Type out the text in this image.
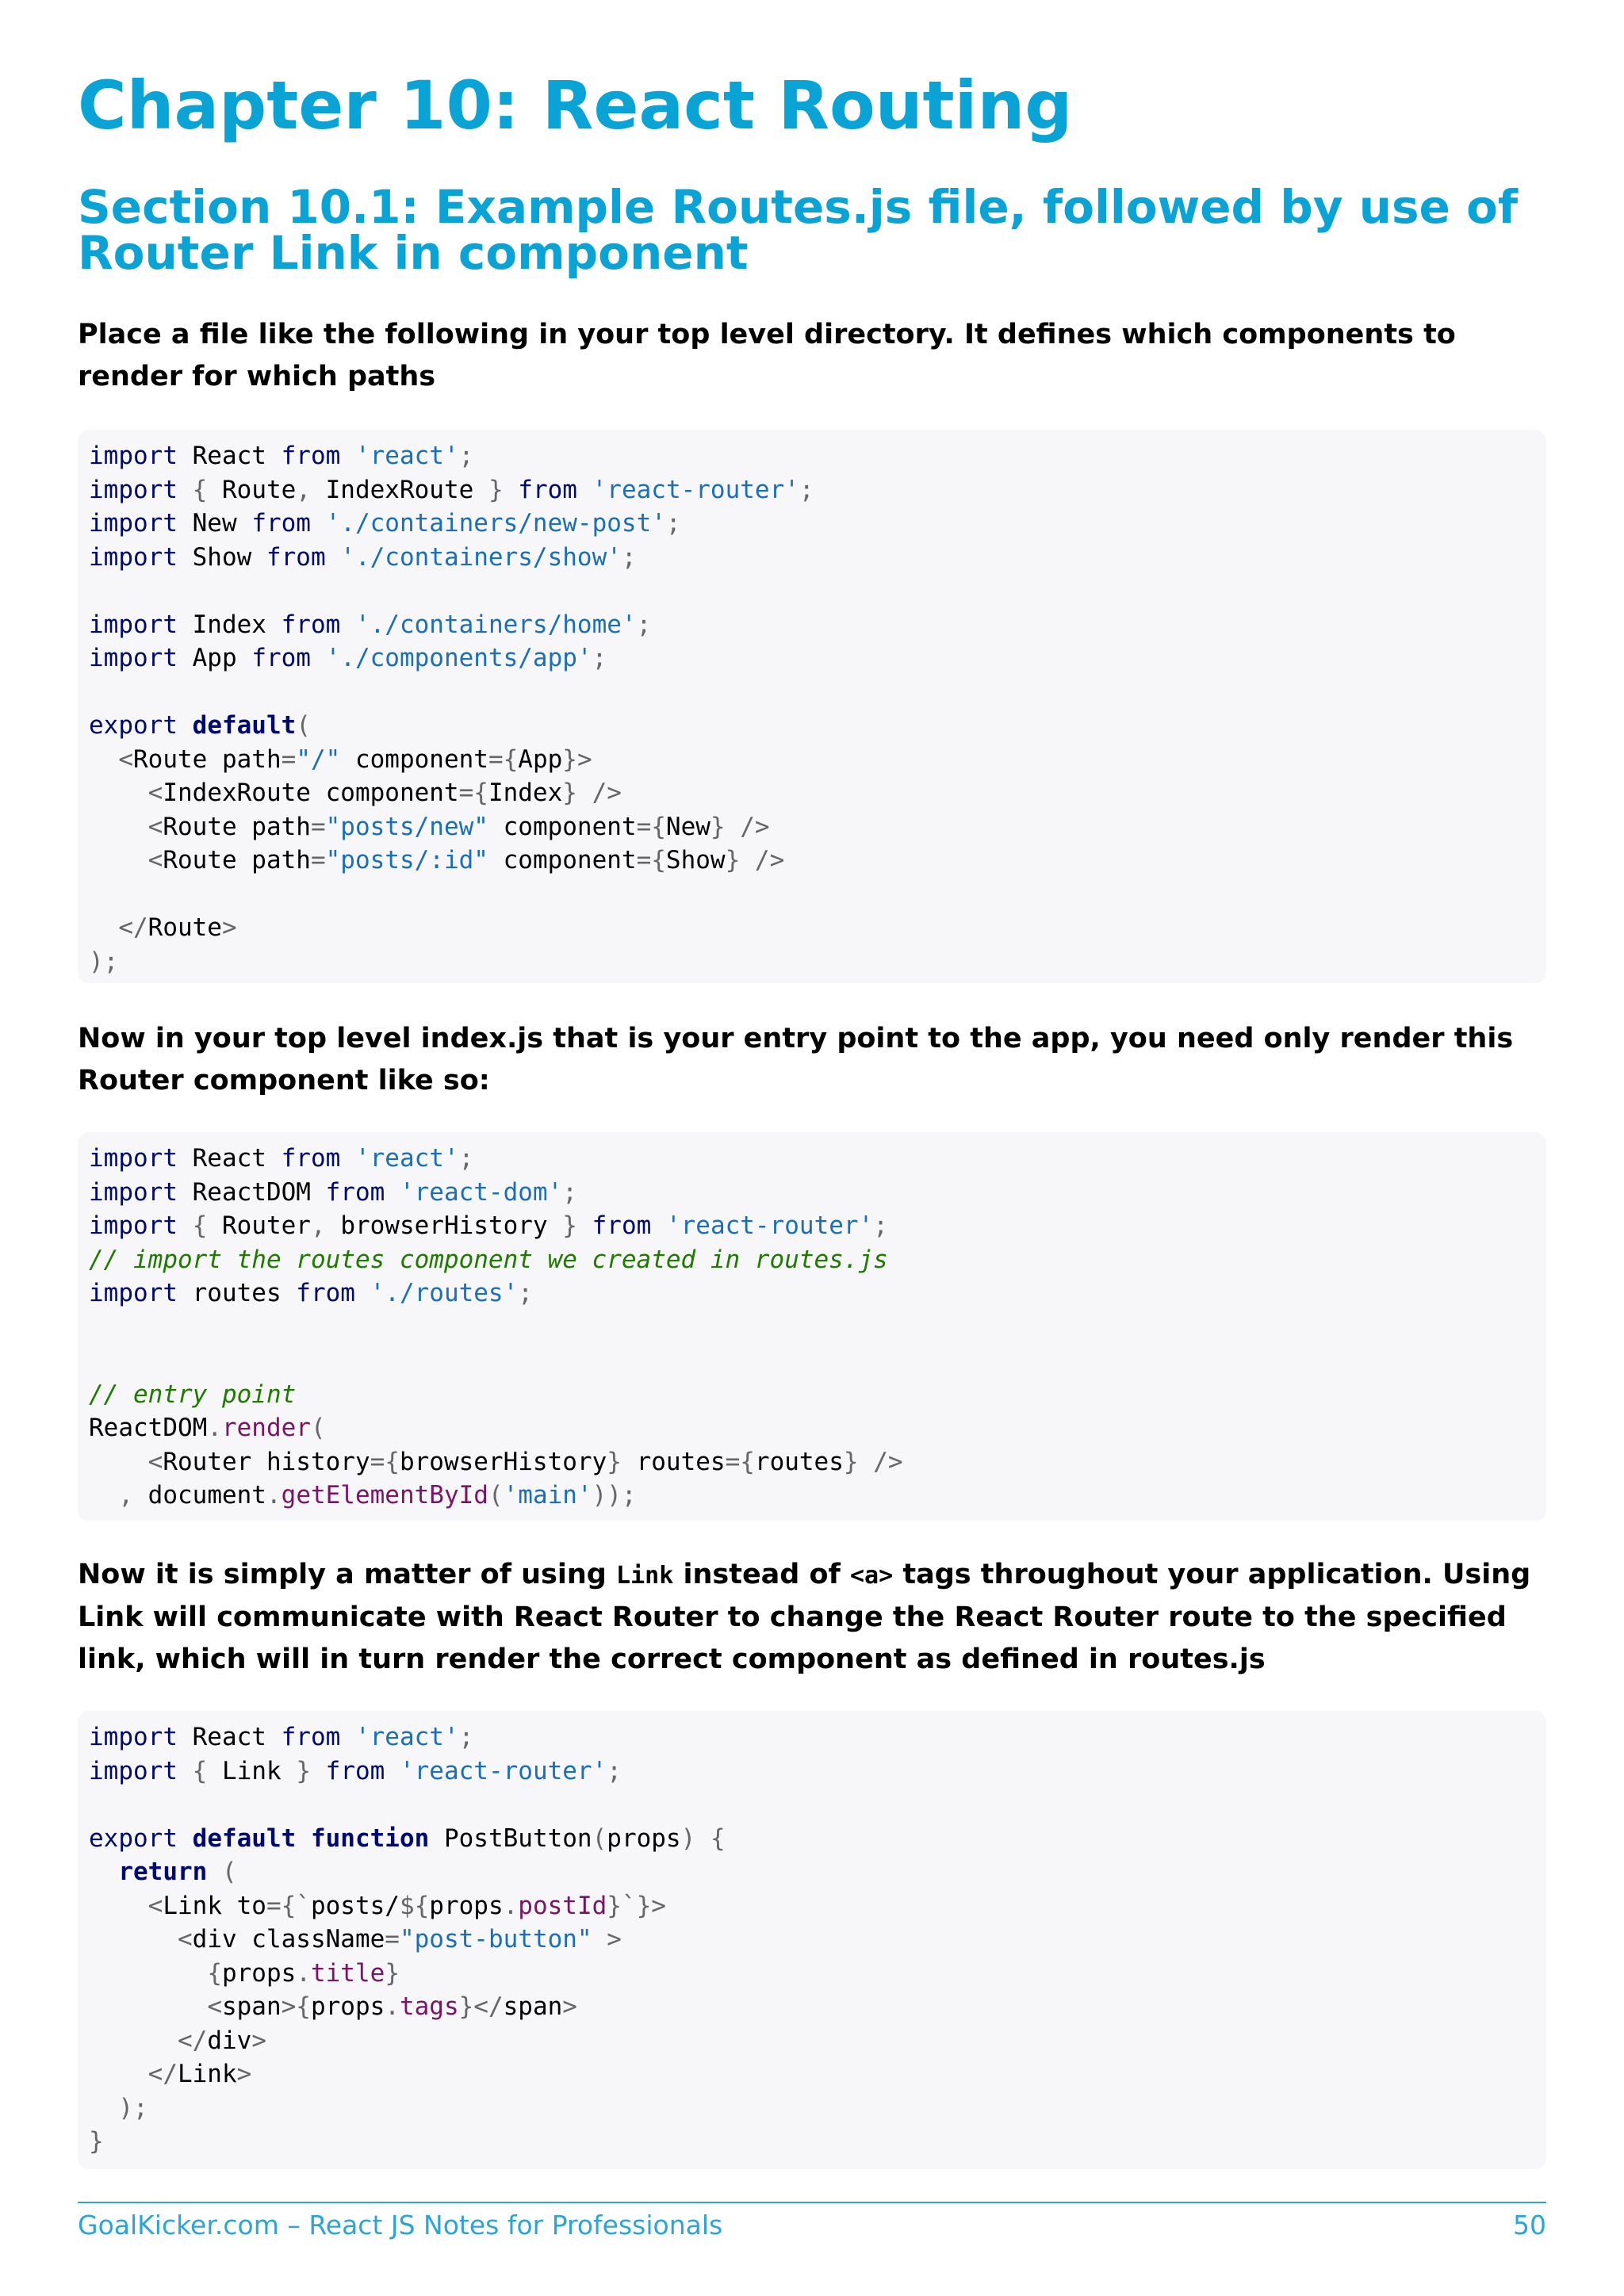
Chapter 10: React Routing
Section 10.1: Example Routes.js file, followed by use of Router Link in component

Place a file like the following in your top level directory. It defines which components to render for which paths

import React from 'react';
import { Route, IndexRoute } from 'react-router';
import New from './containers/new-post';
import Show from './containers/show';
import Index from './containers/home';
import App from './components/app';
export default(
<Route path="/" component={App}>
<IndexRoute component={Index} />
<Route path="posts/new" component={New} />
<Route path="posts/:id" component={Show} />
</Route>
);

Now in your top level index.js that is your entry point to the app, you need only render this Router component like so:

import React from 'react';
import ReactDOM from 'react-dom';
import { Router, browserHistory } from 'react-router';
// import the routes component we created in routes.js
import routes from './routes';
// entry point
ReactDOM.render(
<Router history={browserHistory} routes={routes} />
, document.getElementById('main'));

Now it is simply a matter of using Link instead of <a> tags throughout your application. Using Link will communicate with React Router to change the React Router route to the specified link, which will in turn render the correct component as defined in routes.js

import React from 'react';
import { Link } from 'react-router';
export default function PostButton(props) {
return (
<Link to={`posts/${props.postId}`}>
<div className="post-button" >
{props.title}
<span>{props.tags}</span>
</div>
</Link>
);
}
GoalKicker.com – React JS Notes for Professionals	50
